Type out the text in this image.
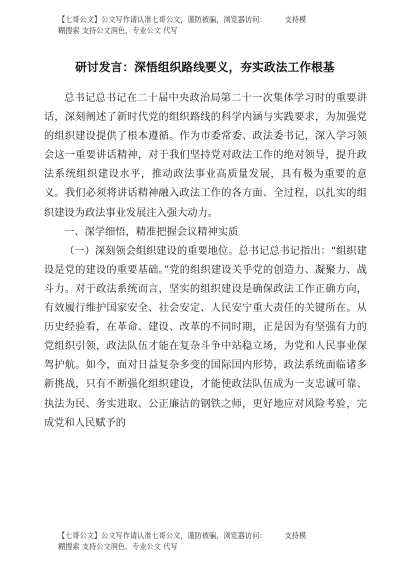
【七哥公文】公文写作请认准七哥公文，谨防被骗，浏览器访问：	支持模
糊搜索 支持公文润色、专业公文 代写
研讨发言：深悟组织路线要义，夯实政法工作根基

总书记总书记在二十届中央政治局第二十一次集体学习时的重要讲话，深刻阐述了新时代党的组织路线的科学内涵与实践要求，为加强党的组织建设提供了根本遵循。作为市委常委、政法委书记，深入学习领会这一重要讲话精神，对于我们坚持党对政法工作的绝对领导，提升政法系统组织建设水平，推动政法事业高质量发展，具有极为重要的意义。我们必须将讲话精神融入政法工作的各方面、全过程，以扎实的组织建设为政法事业发展注入强大动力。

一、深学细悟，精准把握会议精神实质

（一）深刻领会组织建设的重要地位。总书记总书记指出：“组织建设是党的建设的重要基础。”党的组织建设关乎党的创造力、凝聚力、战斗力。对于政法系统而言，坚实的组织建设是确保政法工作正确方向，有效履行维护国家安全、社会安定、人民安宁重大责任的关键所在。从历史经验看，在革命、建设、改革的不同时期，正是因为有坚强有力的党组织引领，政法队伍才能在复杂斗争中站稳立场，为党和人民事业保驾护航。如今，面对日益复杂多变的国际国内形势，政法系统面临诸多新挑战，只有不断强化组织建设，才能使政法队伍成为一支忠诚可靠、执法为民、务实进取、公正廉洁的钢铁之师，更好地应对风险考验，完成党和人民赋予的

【七哥公文】公文写作请认准七哥公文，谨防被骗，浏览器访问：	支持模
糊搜索 支持公文润色、专业公文 代写
